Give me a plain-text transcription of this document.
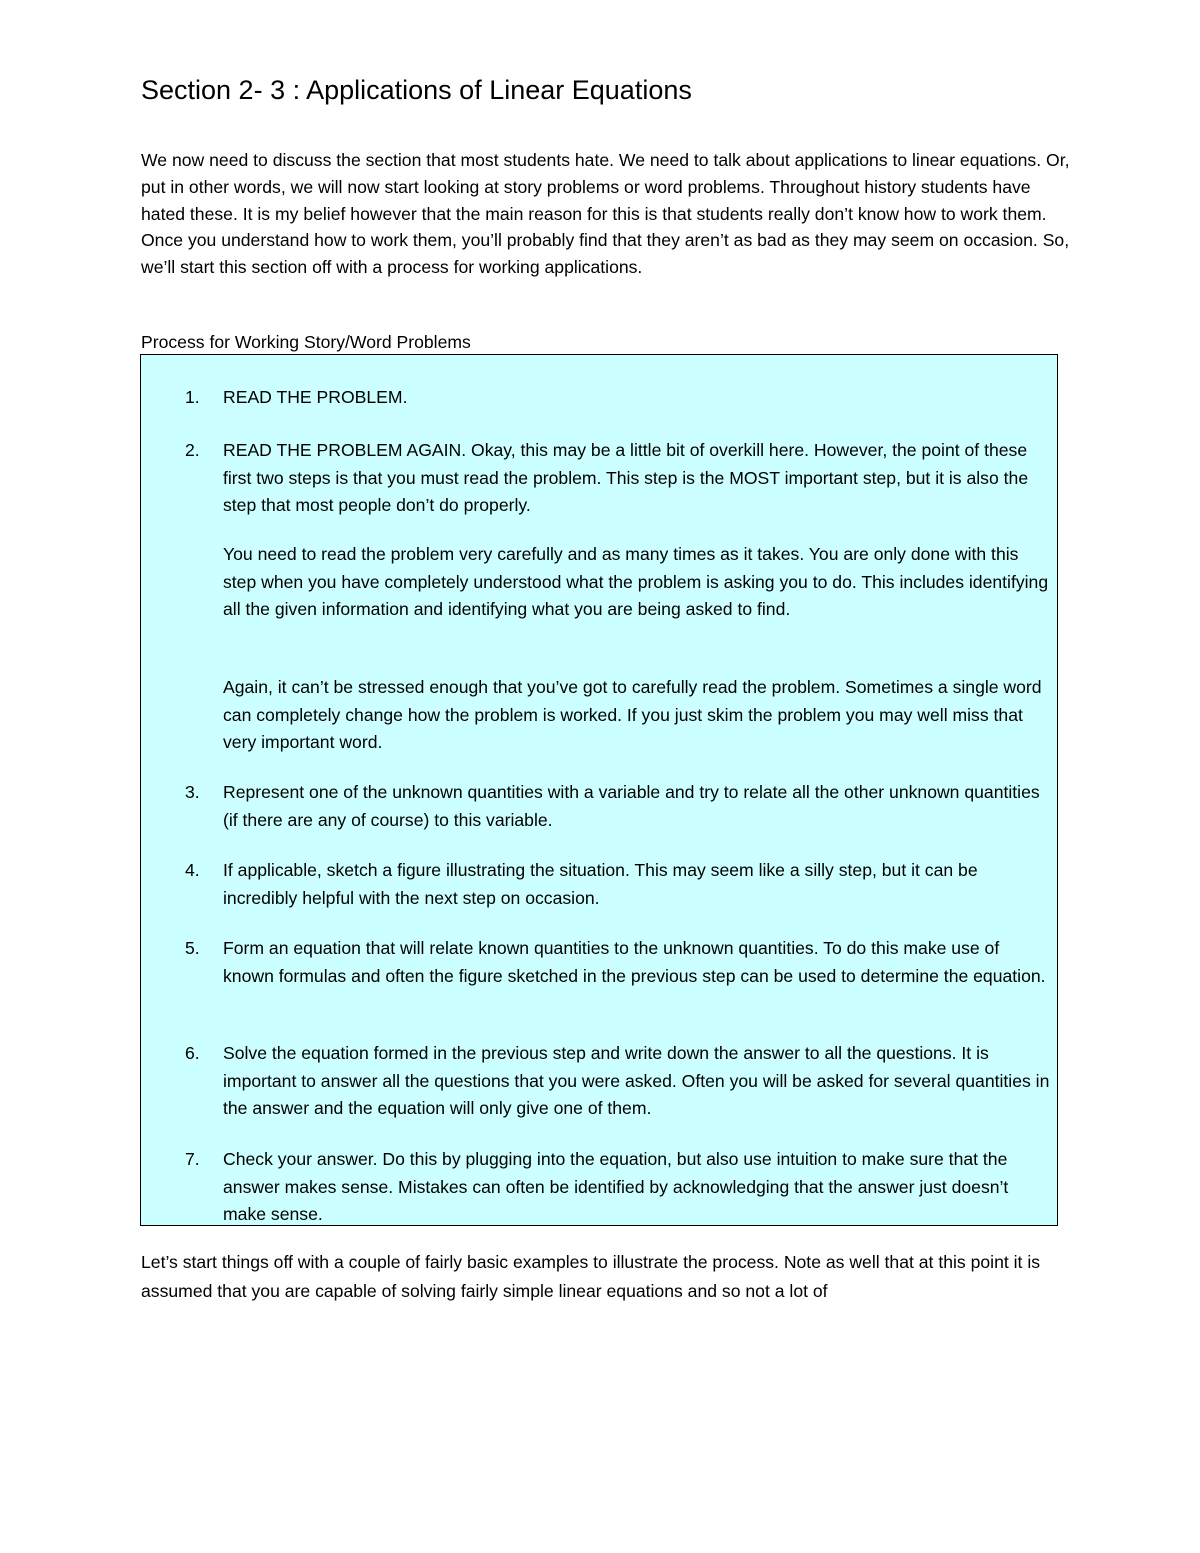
Section 2- 3 : Applications of Linear Equations
We now need to discuss the section that most students hate. We need to talk about applications to linear equations. Or, put in other words, we will now start looking at story problems or word problems. Throughout history students have hated these. It is my belief however that the main reason for this is that students really don’t know how to work them. Once you understand how to work them, you’ll probably find that they aren’t as bad as they may seem on occasion. So, we’ll start this section off with a process for working applications.
Process for Working Story/Word Problems
1.	READ THE PROBLEM.
2.	READ THE PROBLEM AGAIN. Okay, this may be a little bit of overkill here. However, the point of these first two steps is that you must read the problem. This step is the MOST important step, but it is also the step that most people don’t do properly.
You need to read the problem very carefully and as many times as it takes. You are only done with this step when you have completely understood what the problem is asking you to do. This includes identifying all the given information and identifying what you are being asked to find.
Again, it can’t be stressed enough that you’ve got to carefully read the problem. Sometimes a single word can completely change how the problem is worked. If you just skim the problem you may well miss that very important word.
3.	Represent one of the unknown quantities with a variable and try to relate all the other unknown quantities (if there are any of course) to this variable.
4.	If applicable, sketch a figure illustrating the situation. This may seem like a silly step, but it can be incredibly helpful with the next step on occasion.
5.	Form an equation that will relate known quantities to the unknown quantities. To do this make use of known formulas and often the figure sketched in the previous step can be used to determine the equation.
6.	Solve the equation formed in the previous step and write down the answer to all the questions. It is important to answer all the questions that you were asked. Often you will be asked for several quantities in the answer and the equation will only give one of them.
7.	Check your answer. Do this by plugging into the equation, but also use intuition to make sure that the answer makes sense. Mistakes can often be identified by acknowledging that the answer just doesn’t make sense.
Let’s start things off with a couple of fairly basic examples to illustrate the process. Note as well that at this point it is assumed that you are capable of solving fairly simple linear equations and so not a lot of
